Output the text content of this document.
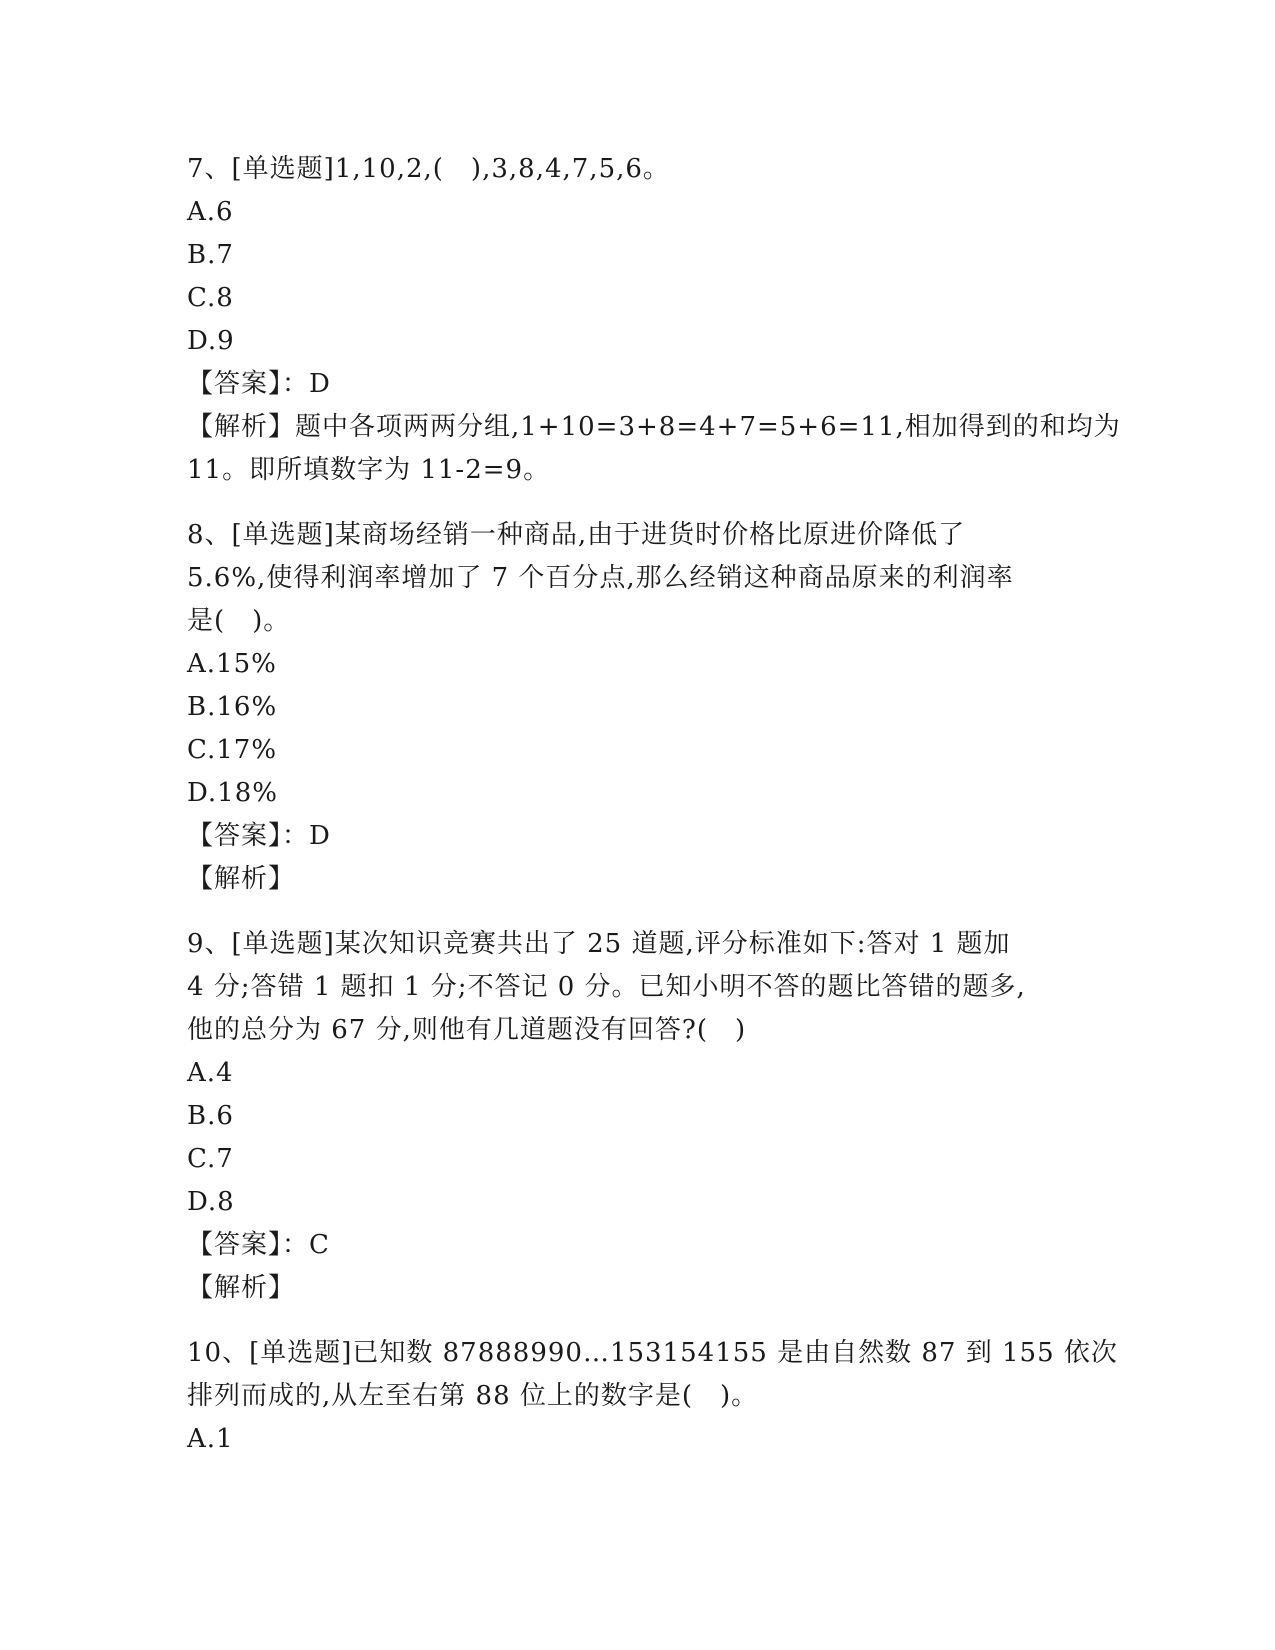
7、[单选题]1,10,2,(　),3,8,4,7,5,6。
A.6
B.7
C.8
D.9
【答案】：D
【解析】题中各项两两分组,1+10=3+8=4+7=5+6=11,相加得到的和均为
11。即所填数字为 11-2=9。
8、[单选题]某商场经销一种商品,由于进货时价格比原进价降低了
5.6%,使得利润率增加了 7 个百分点,那么经销这种商品原来的利润率
是(　)。
A.15%
B.16%
C.17%
D.18%
【答案】：D
【解析】
9、[单选题]某次知识竞赛共出了 25 道题,评分标准如下:答对 1 题加
4 分;答错 1 题扣 1 分;不答记 0 分。已知小明不答的题比答错的题多,
他的总分为 67 分,则他有几道题没有回答?(　)
A.4
B.6
C.7
D.8
【答案】：C
【解析】
10、[单选题]已知数 87888990…153154155 是由自然数 87 到 155 依次
排列而成的,从左至右第 88 位上的数字是(　)。
A.1
